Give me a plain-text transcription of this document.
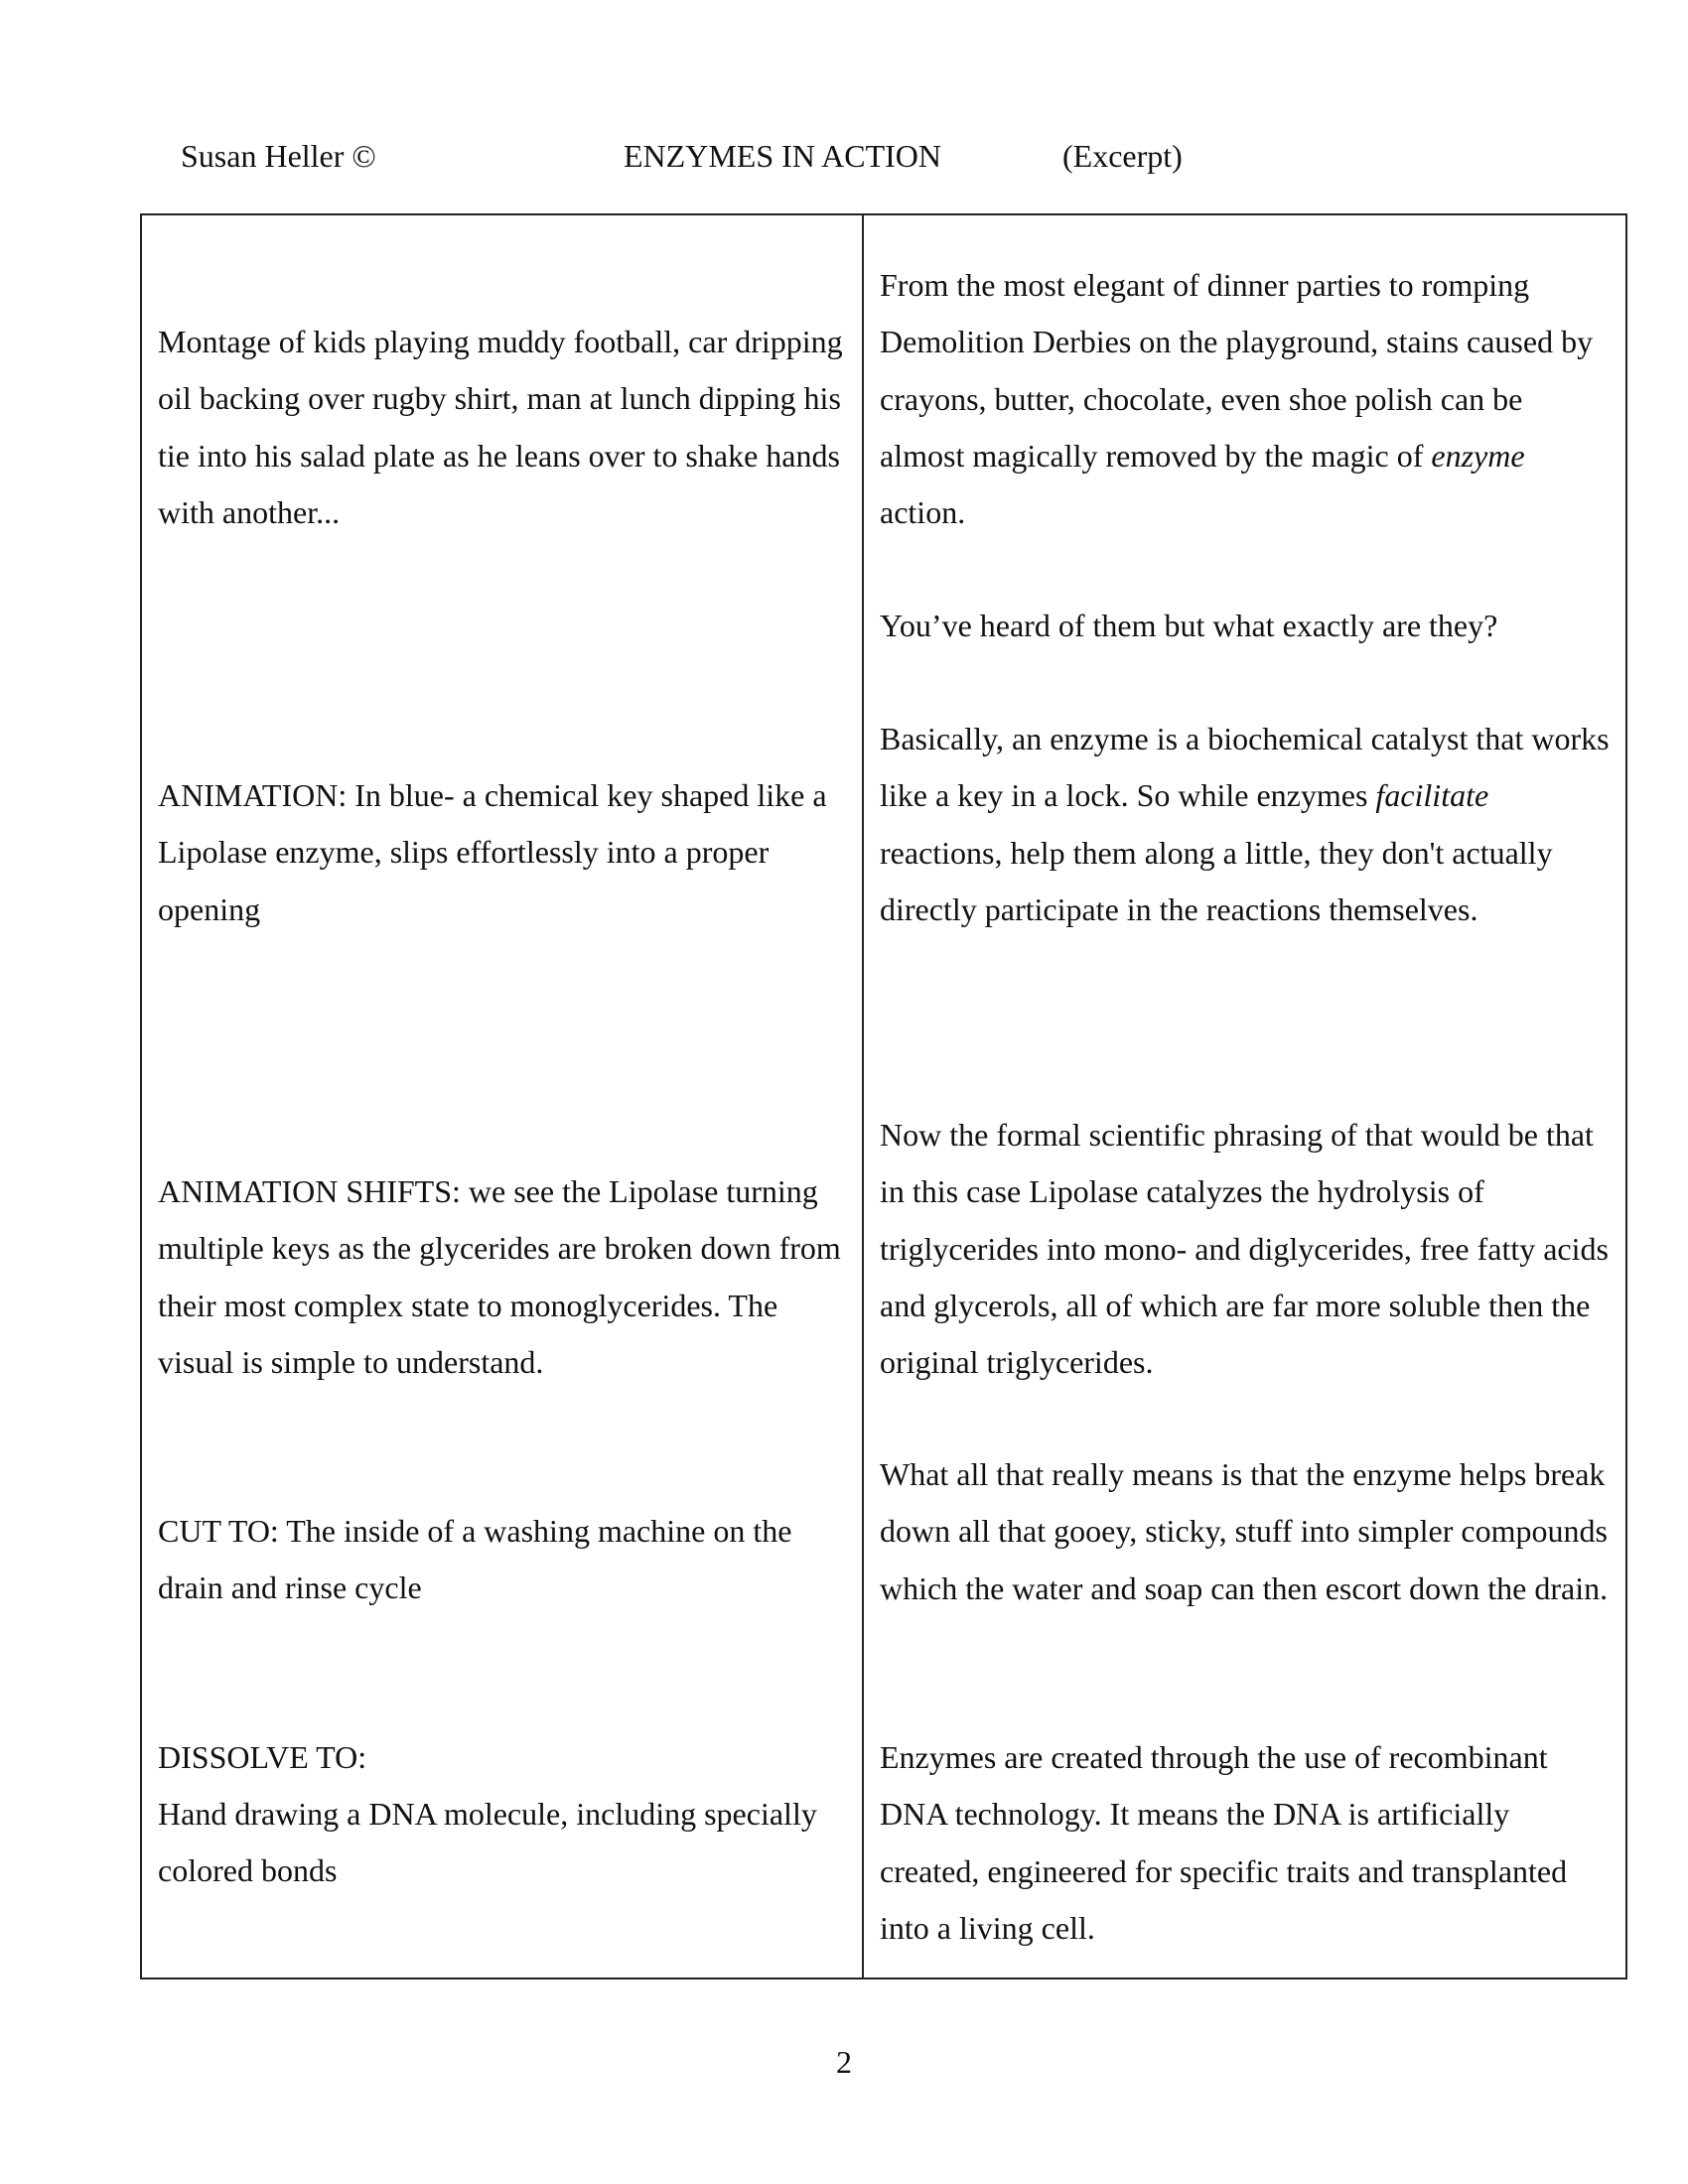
Susan Heller ©	ENZYMES IN ACTION	(Excerpt)

Montage of kids playing muddy football, car dripping oil backing over rugby shirt, man at lunch dipping his tie into his salad plate as he leans over to shake hands with another...

ANIMATION: In blue- a chemical key shaped like a Lipolase enzyme, slips effortlessly into a proper opening

ANIMATION SHIFTS: we see the Lipolase turning multiple keys as the glycerides are broken down from their most complex state to monoglycerides. The visual is simple to understand.

CUT TO: The inside of a washing machine on the drain and rinse cycle

DISSOLVE TO:

Hand drawing a DNA molecule, including specially colored bonds

From the most elegant of dinner parties to romping Demolition Derbies on the playground, stains caused by crayons, butter, chocolate, even shoe polish can be almost magically removed by the magic of enzyme action.

You’ve heard of them but what exactly are they?

Basically, an enzyme is a biochemical catalyst that works like a key in a lock. So while enzymes facilitate reactions, help them along a little, they don't actually directly participate in the reactions themselves.

Now the formal scientific phrasing of that would be that in this case Lipolase catalyzes the hydrolysis of triglycerides into mono- and diglycerides, free fatty acids and glycerols, all of which are far more soluble then the original triglycerides.

What all that really means is that the enzyme helps break down all that gooey, sticky, stuff into simpler compounds which the water and soap can then escort down the drain.

Enzymes are created through the use of recombinant DNA technology. It means the DNA is artificially created, engineered for specific traits and transplanted into a living cell.

2
